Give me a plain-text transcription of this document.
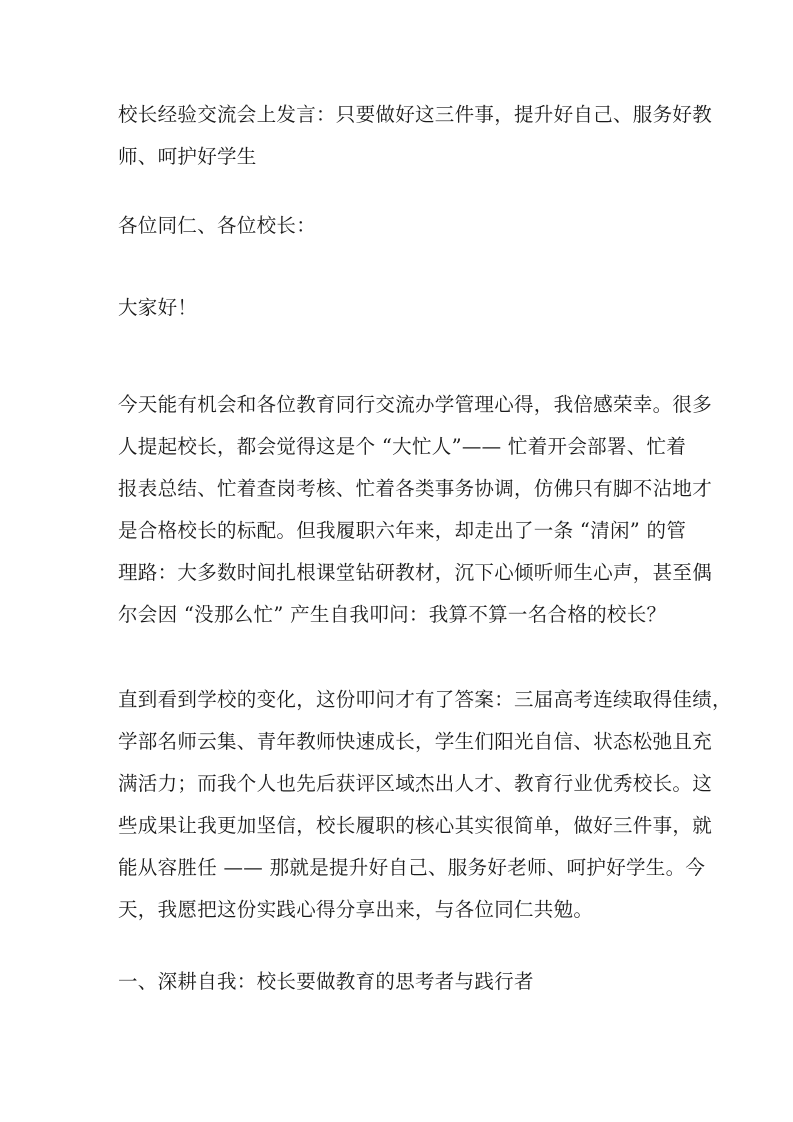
校长经验交流会上发言：只要做好这三件事，提升好自己、服务好教
师、呵护好学生
各位同仁、各位校长：
大家好！
今天能有机会和各位教育同行交流办学管理心得，我倍感荣幸。很多
人提起校长，都会觉得这是个 “大忙人”—— 忙着开会部署、忙着
报表总结、忙着查岗考核、忙着各类事务协调，仿佛只有脚不沾地才
是合格校长的标配。但我履职六年来，却走出了一条 “清闲” 的管
理路：大多数时间扎根课堂钻研教材，沉下心倾听师生心声，甚至偶
尔会因 “没那么忙” 产生自我叩问：我算不算一名合格的校长？
直到看到学校的变化，这份叩问才有了答案：三届高考连续取得佳绩，
学部名师云集、青年教师快速成长，学生们阳光自信、状态松弛且充
满活力；而我个人也先后获评区域杰出人才、教育行业优秀校长。这
些成果让我更加坚信，校长履职的核心其实很简单，做好三件事，就
能从容胜任 —— 那就是提升好自己、服务好老师、呵护好学生。今
天，我愿把这份实践心得分享出来，与各位同仁共勉。
一、深耕自我：校长要做教育的思考者与践行者
